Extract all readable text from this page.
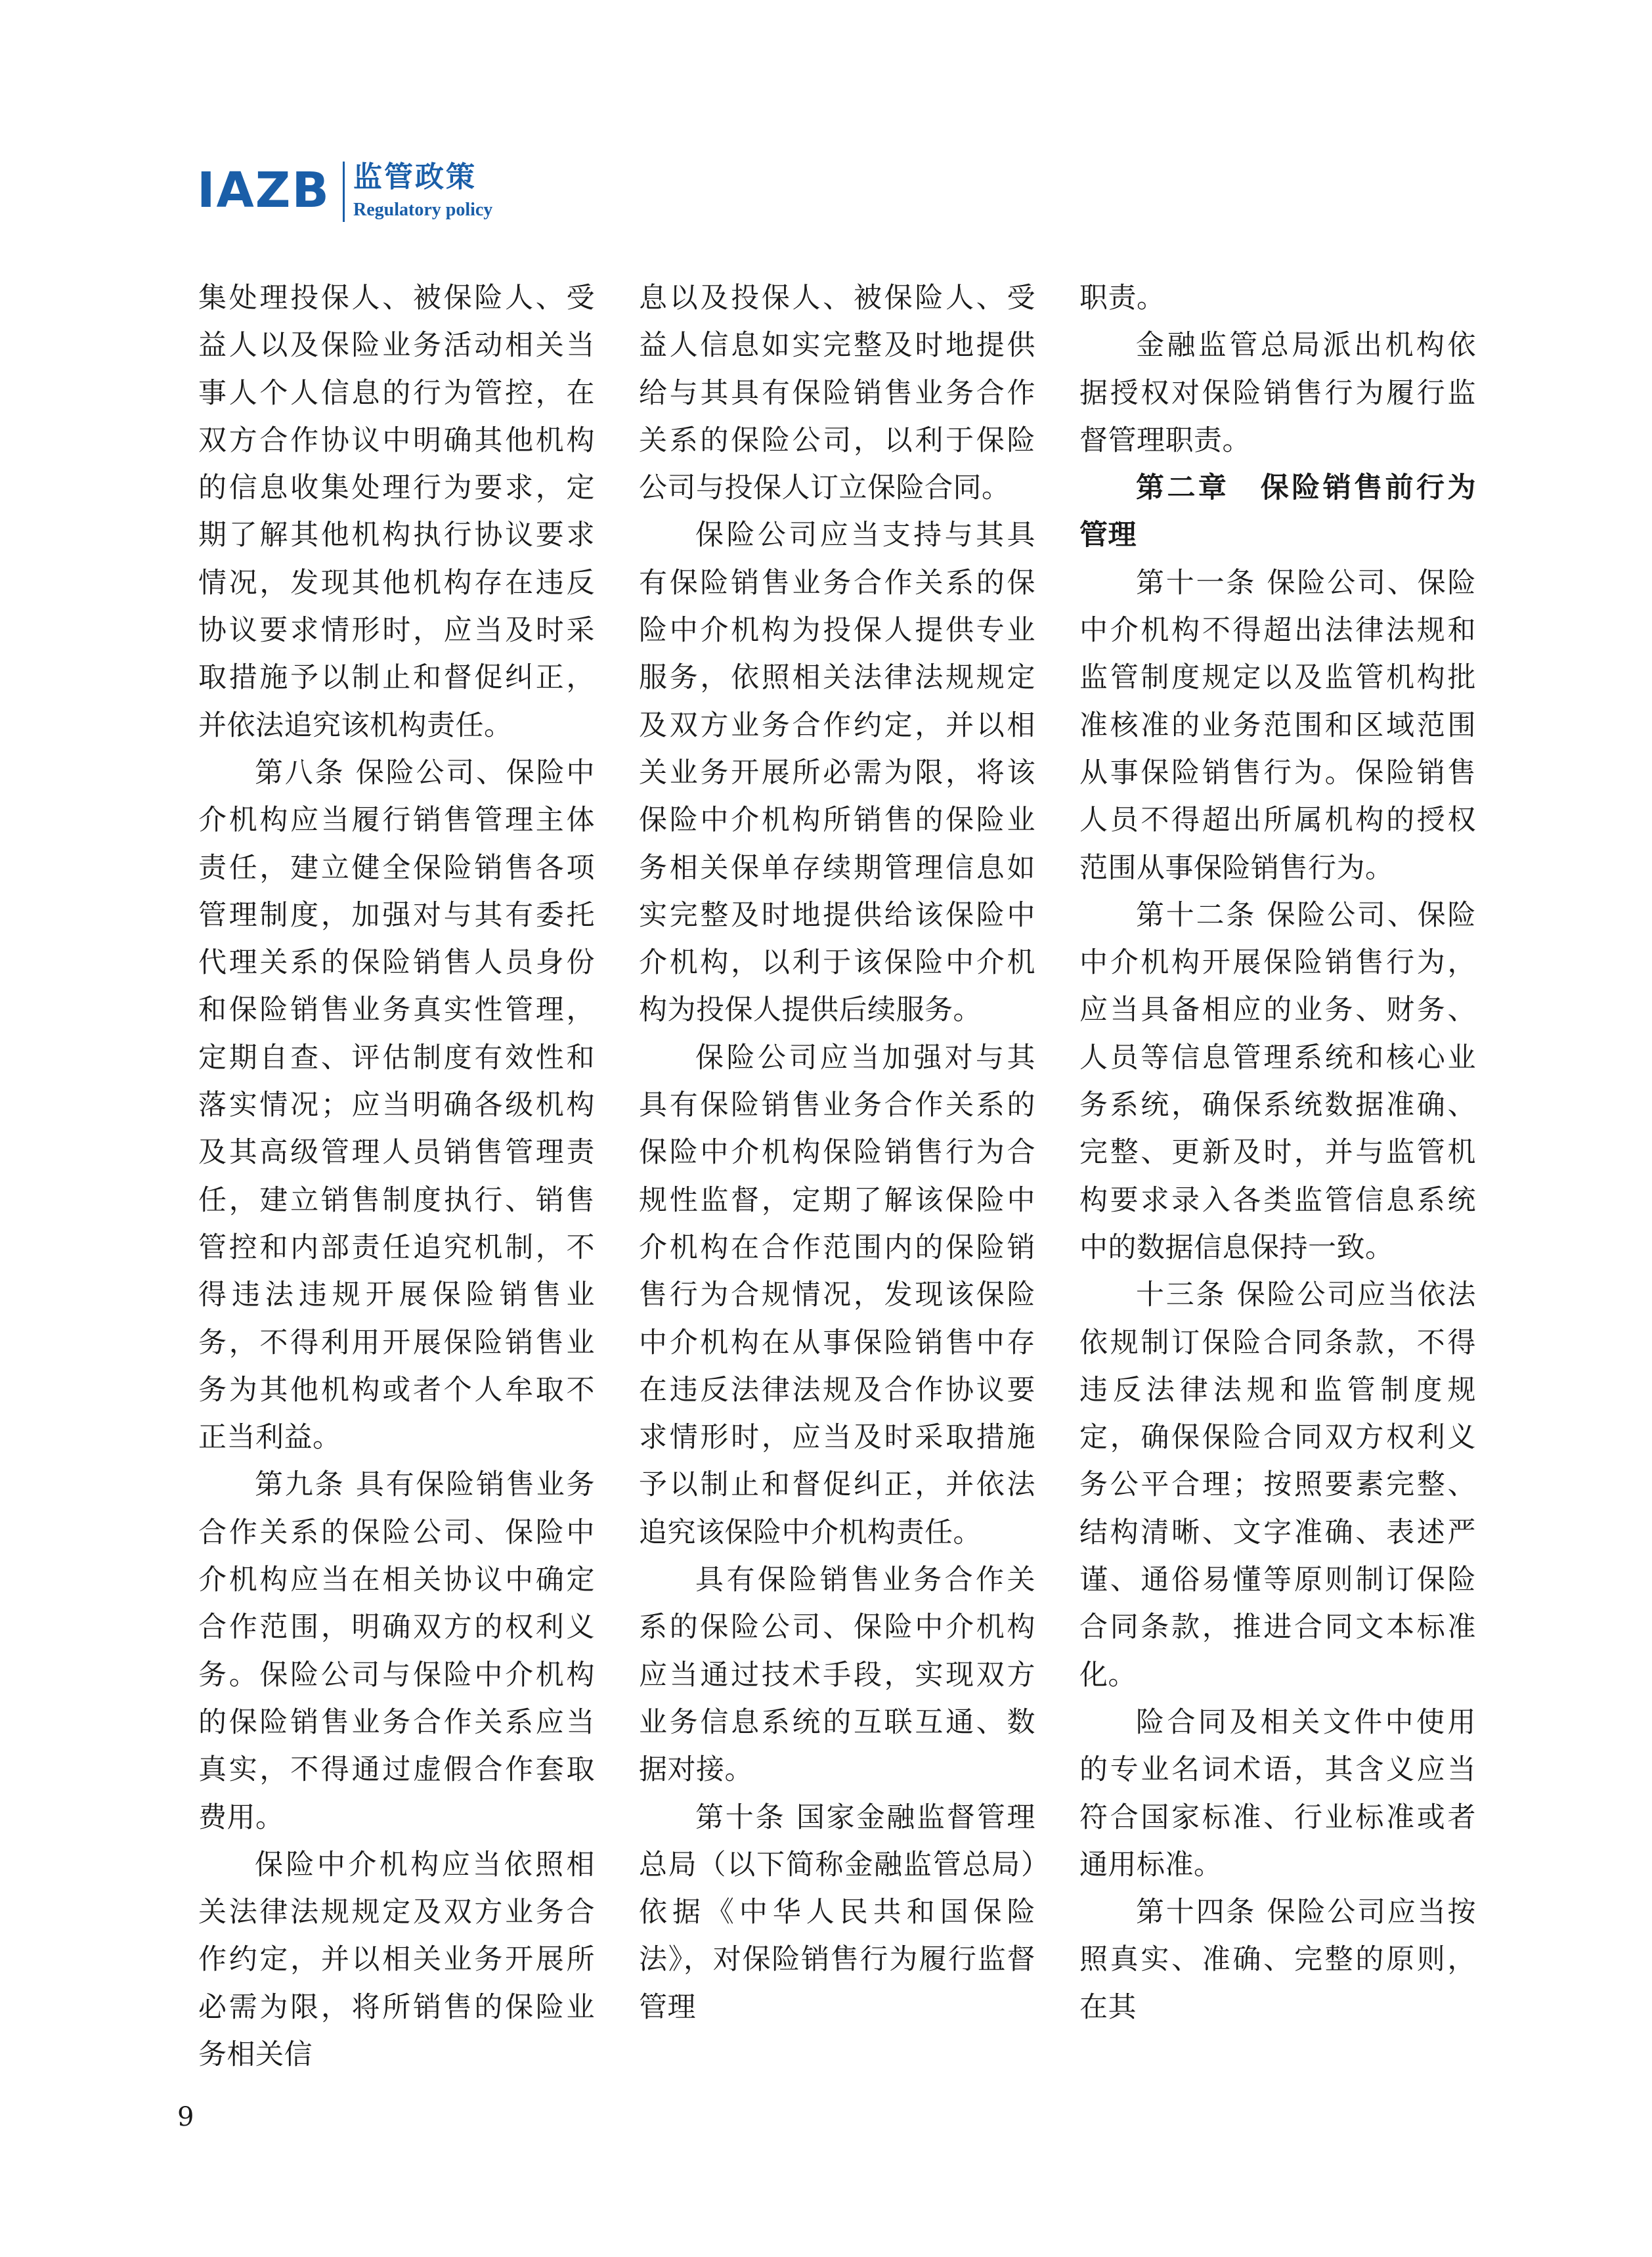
IAZB 监管政策
Regulatory policy

集处理投保人、被保险人、受益人以及保险业务活动相关当事人个人信息的行为管控，在双方合作协议中明确其他机构的信息收集处理行为要求，定期了解其他机构执行协议要求情况，发现其他机构存在违反协议要求情形时，应当及时采取措施予以制止和督促纠正，并依法追究该机构责任。

第八条 保险公司、保险中介机构应当履行销售管理主体责任，建立健全保险销售各项管理制度，加强对与其有委托代理关系的保险销售人员身份和保险销售业务真实性管理，定期自查、评估制度有效性和落实情况；应当明确各级机构及其高级管理人员销售管理责任，建立销售制度执行、销售管控和内部责任追究机制，不得违法违规开展保险销售业务，不得利用开展保险销售业务为其他机构或者个人牟取不正当利益。

第九条 具有保险销售业务合作关系的保险公司、保险中介机构应当在相关协议中确定合作范围，明确双方的权利义务。保险公司与保险中介机构的保险销售业务合作关系应当真实，不得通过虚假合作套取费用。

保险中介机构应当依照相关法律法规规定及双方业务合作约定，并以相关业务开展所必需为限，将所销售的保险业务相关信

息以及投保人、被保险人、受益人信息如实完整及时地提供给与其具有保险销售业务合作关系的保险公司，以利于保险公司与投保人订立保险合同。

保险公司应当支持与其具有保险销售业务合作关系的保险中介机构为投保人提供专业服务，依照相关法律法规规定及双方业务合作约定，并以相关业务开展所必需为限，将该保险中介机构所销售的保险业务相关保单存续期管理信息如实完整及时地提供给该保险中介机构，以利于该保险中介机构为投保人提供后续服务。

保险公司应当加强对与其具有保险销售业务合作关系的保险中介机构保险销售行为合规性监督，定期了解该保险中介机构在合作范围内的保险销售行为合规情况，发现该保险中介机构在从事保险销售中存在违反法律法规及合作协议要求情形时，应当及时采取措施予以制止和督促纠正，并依法追究该保险中介机构责任。

具有保险销售业务合作关系的保险公司、保险中介机构应当通过技术手段，实现双方业务信息系统的互联互通、数据对接。

第十条 国家金融监督管理总局（以下简称金融监管总局）依据《中华人民共和国保险法》，对保险销售行为履行监督管理

职责。

金融监管总局派出机构依据授权对保险销售行为履行监督管理职责。

第二章　保险销售前行为管理

第十一条 保险公司、保险中介机构不得超出法律法规和监管制度规定以及监管机构批准核准的业务范围和区域范围从事保险销售行为。保险销售人员不得超出所属机构的授权范围从事保险销售行为。

第十二条 保险公司、保险中介机构开展保险销售行为，应当具备相应的业务、财务、人员等信息管理系统和核心业务系统，确保系统数据准确、完整、更新及时，并与监管机构要求录入各类监管信息系统中的数据信息保持一致。

十三条 保险公司应当依法依规制订保险合同条款，不得违反法律法规和监管制度规定，确保保险合同双方权利义务公平合理；按照要素完整、结构清晰、文字准确、表述严谨、通俗易懂等原则制订保险合同条款，推进合同文本标准化。

险合同及相关文件中使用的专业名词术语，其含义应当符合国家标准、行业标准或者通用标准。

第十四条 保险公司应当按照真实、准确、完整的原则，在其

9
